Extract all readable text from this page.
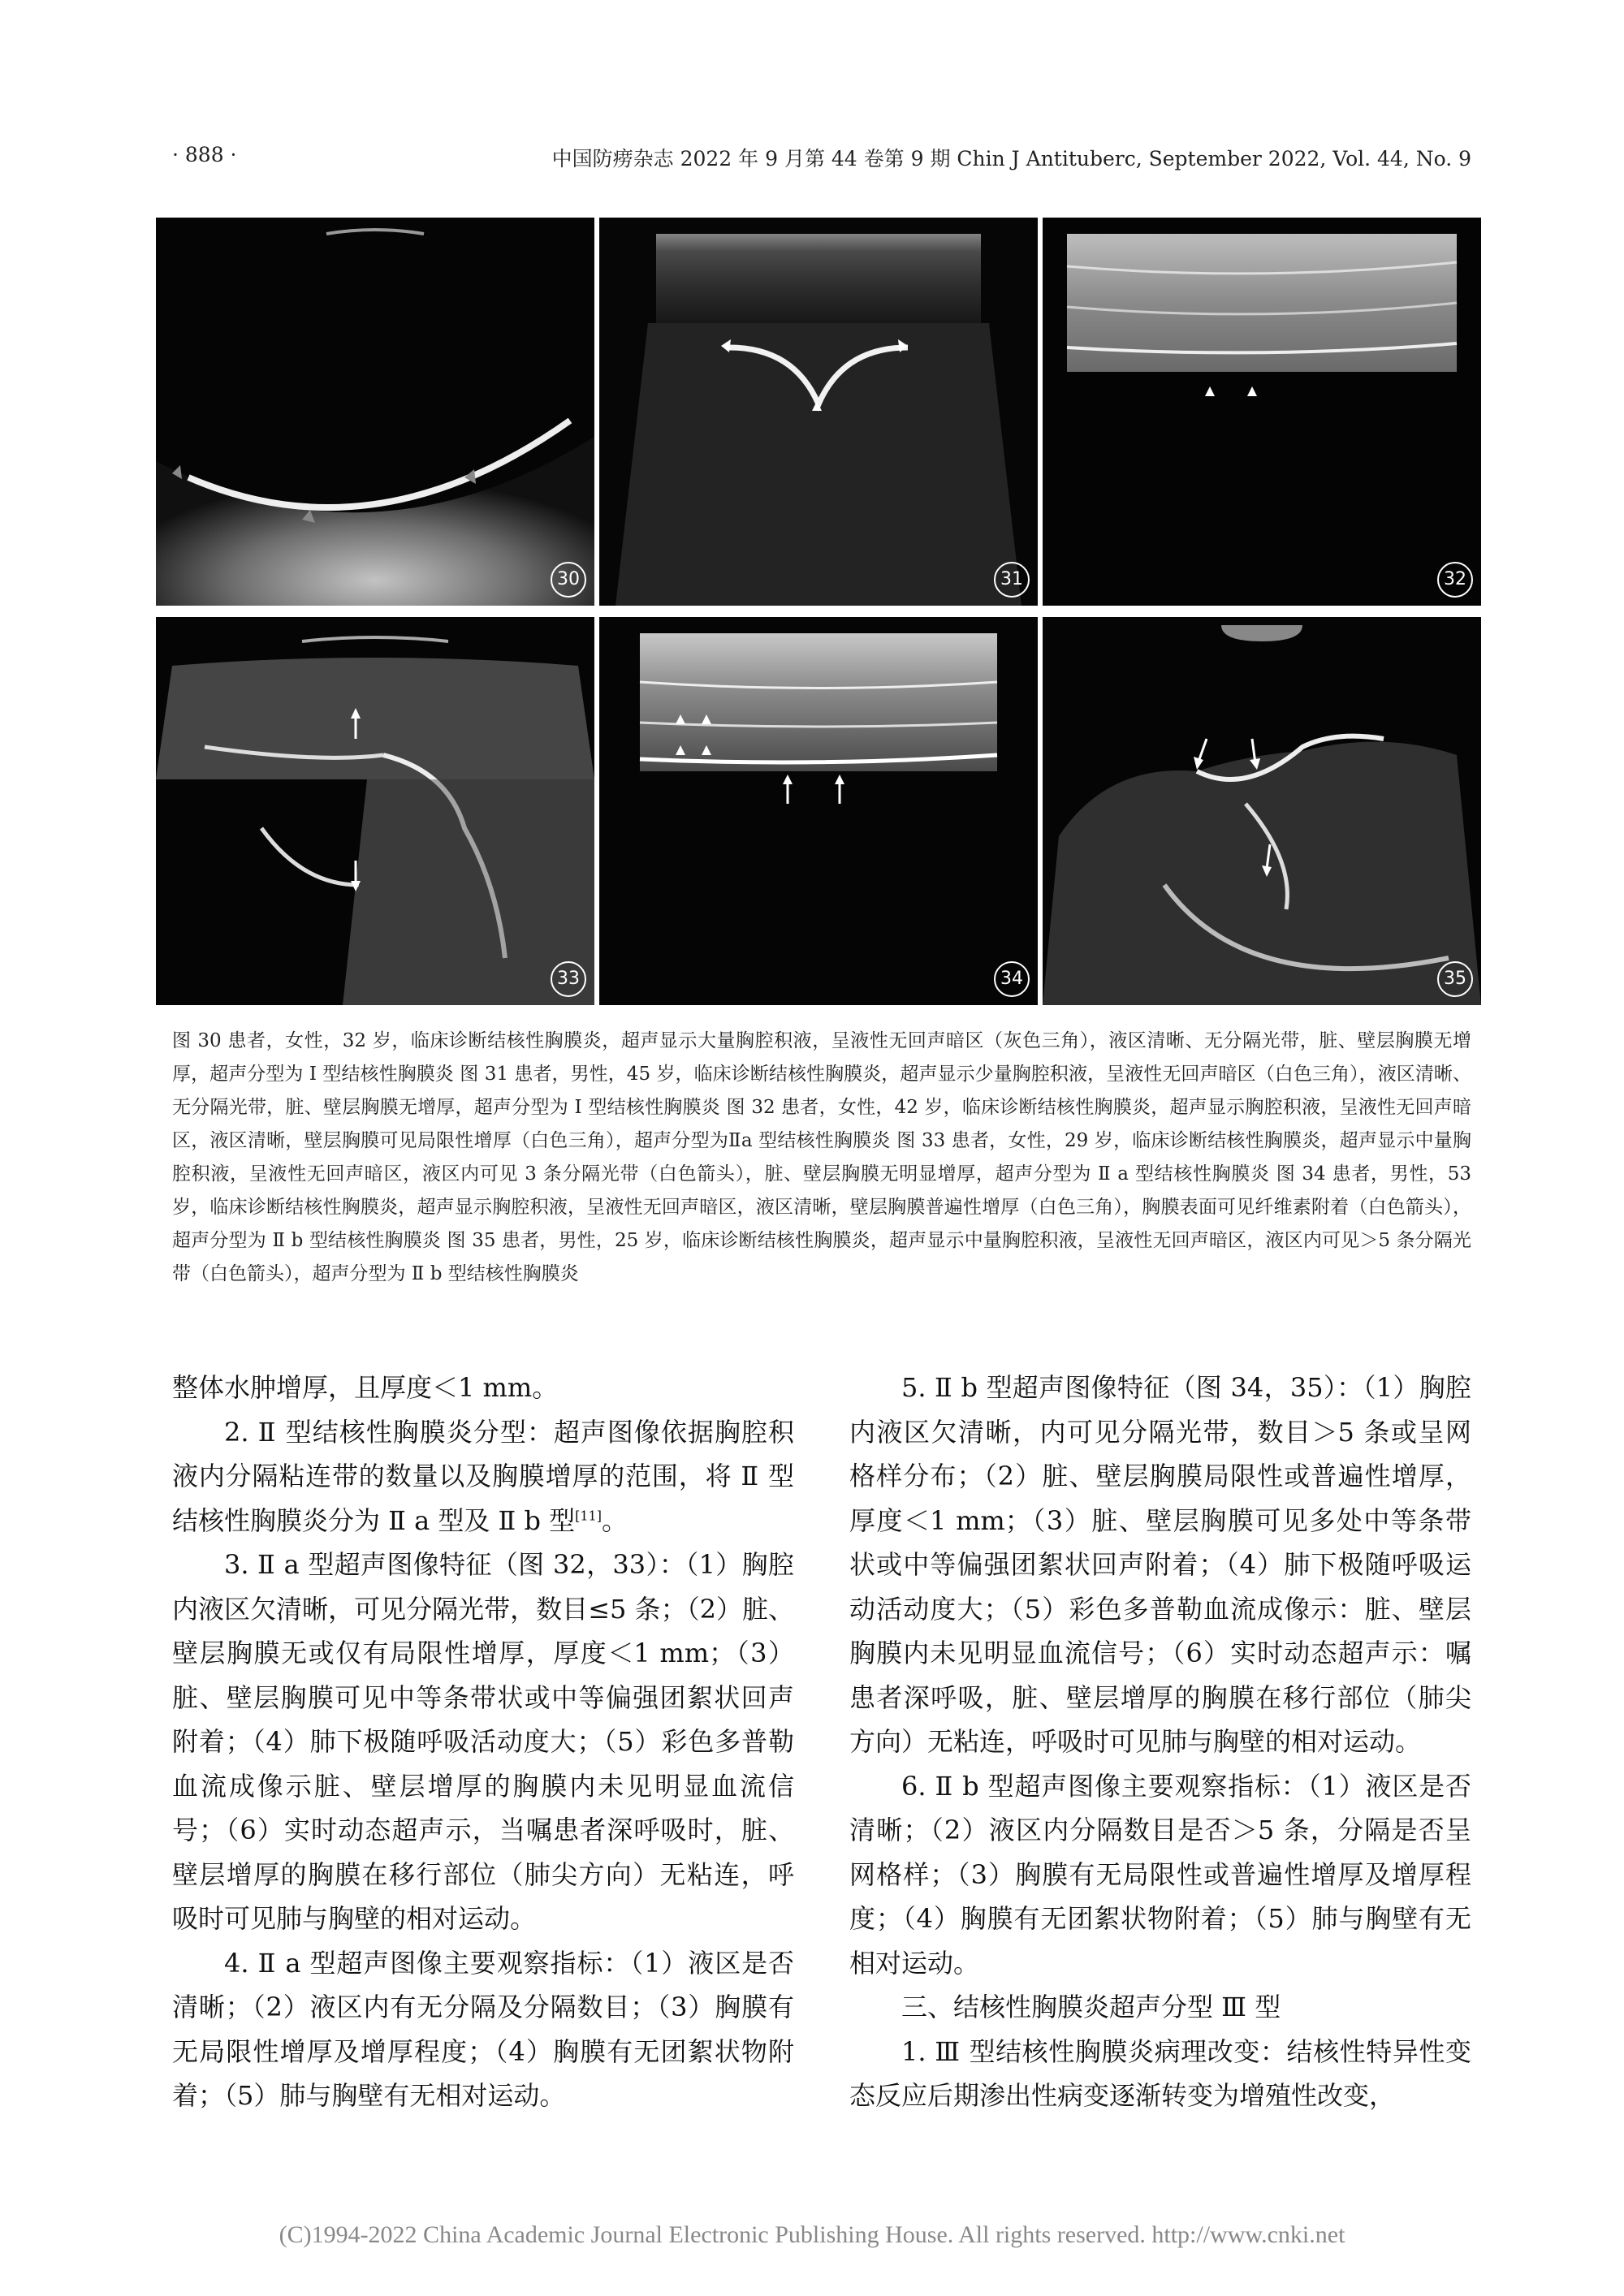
· 888 ·	中国防痨杂志 2022 年 9 月第 44 卷第 9 期 Chin J Antituberc, September 2022, Vol. 44, No. 9
30	31	32
33	34	35
图 30 患者，女性，32 岁，临床诊断结核性胸膜炎，超声显示大量胸腔积液，呈液性无回声暗区（灰色三角），液区清晰、无分隔光带，脏、壁层胸膜无增厚，超声分型为 Ⅰ 型结核性胸膜炎 图 31 患者，男性，45 岁，临床诊断结核性胸膜炎，超声显示少量胸腔积液，呈液性无回声暗区（白色三角），液区清晰、无分隔光带，脏、壁层胸膜无增厚，超声分型为 Ⅰ 型结核性胸膜炎 图 32 患者，女性，42 岁，临床诊断结核性胸膜炎，超声显示胸腔积液，呈液性无回声暗区，液区清晰，壁层胸膜可见局限性增厚（白色三角），超声分型为Ⅱa 型结核性胸膜炎 图 33 患者，女性，29 岁，临床诊断结核性胸膜炎，超声显示中量胸腔积液，呈液性无回声暗区，液区内可见 3 条分隔光带（白色箭头），脏、壁层胸膜无明显增厚，超声分型为 Ⅱ a 型结核性胸膜炎 图 34 患者，男性，53 岁，临床诊断结核性胸膜炎，超声显示胸腔积液，呈液性无回声暗区，液区清晰，壁层胸膜普遍性增厚（白色三角），胸膜表面可见纤维素附着（白色箭头），超声分型为 Ⅱ b 型结核性胸膜炎 图 35 患者，男性，25 岁，临床诊断结核性胸膜炎，超声显示中量胸腔积液，呈液性无回声暗区，液区内可见＞5 条分隔光带（白色箭头），超声分型为 Ⅱ b 型结核性胸膜炎

整体水肿增厚，且厚度＜1 mm。

2. Ⅱ 型结核性胸膜炎分型：超声图像依据胸腔积液内分隔粘连带的数量以及胸膜增厚的范围，将 Ⅱ 型结核性胸膜炎分为 Ⅱ a 型及 Ⅱ b 型[11]。

3. Ⅱ a 型超声图像特征（图 32，33）：（1）胸腔内液区欠清晰，可见分隔光带，数目≤5 条；（2）脏、壁层胸膜无或仅有局限性增厚，厚度＜1 mm；（3）脏、壁层胸膜可见中等条带状或中等偏强团絮状回声附着；（4）肺下极随呼吸活动度大；（5）彩色多普勒血流成像示脏、壁层增厚的胸膜内未见明显血流信号；（6）实时动态超声示，当嘱患者深呼吸时，脏、壁层增厚的胸膜在移行部位（肺尖方向）无粘连，呼吸时可见肺与胸壁的相对运动。

4. Ⅱ a 型超声图像主要观察指标：（1）液区是否清晰；（2）液区内有无分隔及分隔数目；（3）胸膜有无局限性增厚及增厚程度；（4）胸膜有无团絮状物附着；（5）肺与胸壁有无相对运动。

5. Ⅱ b 型超声图像特征（图 34，35）：（1）胸腔内液区欠清晰，内可见分隔光带，数目＞5 条或呈网格样分布；（2）脏、壁层胸膜局限性或普遍性增厚，厚度＜1 mm；（3）脏、壁层胸膜可见多处中等条带状或中等偏强团絮状回声附着；（4）肺下极随呼吸运动活动度大；（5）彩色多普勒血流成像示：脏、壁层胸膜内未见明显血流信号；（6）实时动态超声示：嘱患者深呼吸，脏、壁层增厚的胸膜在移行部位（肺尖方向）无粘连，呼吸时可见肺与胸壁的相对运动。

6. Ⅱ b 型超声图像主要观察指标：（1）液区是否清晰；（2）液区内分隔数目是否＞5 条，分隔是否呈网格样；（3）胸膜有无局限性或普遍性增厚及增厚程度；（4）胸膜有无团絮状物附着；（5）肺与胸壁有无相对运动。

三、结核性胸膜炎超声分型 Ⅲ 型

1. Ⅲ 型结核性胸膜炎病理改变：结核性特异性变态反应后期渗出性病变逐渐转变为增殖性改变，

(C)1994-2022 China Academic Journal Electronic Publishing House. All rights reserved. http://www.cnki.net
